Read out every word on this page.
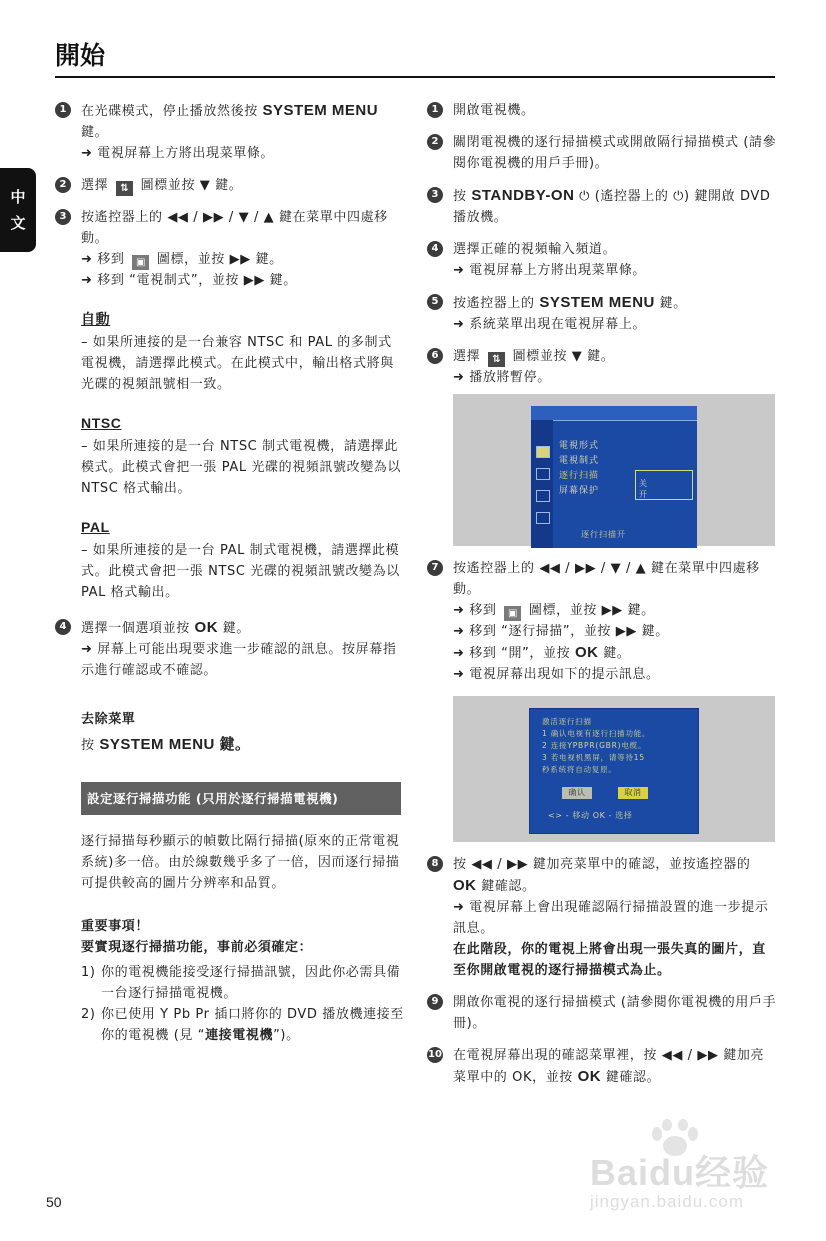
開始
中
文
1	在光碟模式，停止播放然後按 SYSTEM MENU 鍵。

➜ 電視屏幕上方將出現菜單條。

2	選擇 ⇅ 圖標並按 ▼ 鍵。

3	按遙控器上的 ◀◀ / ▶▶ / ▼ / ▲ 鍵在菜單中四處移動。

➜ 移到 ▣ 圖標，並按 ▶▶ 鍵。

➜ 移到 “電視制式”，並按 ▶▶ 鍵。

自動

– 如果所連接的是一台兼容 NTSC 和 PAL 的多制式電視機，請選擇此模式。在此模式中，輸出格式將與光碟的視頻訊號相一致。

NTSC

– 如果所連接的是一台 NTSC 制式電視機，請選擇此模式。此模式會把一張 PAL 光碟的視頻訊號改變為以 NTSC 格式輸出。

PAL

– 如果所連接的是一台 PAL 制式電視機，請選擇此模式。此模式會把一張 NTSC 光碟的視頻訊號改變為以 PAL 格式輸出。

4	選擇一個選項並按 OK 鍵。

➜ 屏幕上可能出現要求進一步確認的訊息。按屏幕指示進行確認或不確認。

去除菜單

按 SYSTEM MENU 鍵。

設定逐行掃描功能 (只用於逐行掃描電視機)

逐行掃描每秒顯示的幀數比隔行掃描(原來的正常電視系統)多一倍。由於線數幾乎多了一倍，因而逐行掃描可提供較高的圖片分辨率和品質。

重要事項！

要實現逐行掃描功能，事前必須確定：

1) 你的電視機能接受逐行掃描訊號，因此你必需具備一台逐行掃描電視機。
2) 你已使用 Y Pb Pr 插口將你的 DVD 播放機連接至你的電視機 (見 “連接電視機”)。
1	開啟電視機。

2	關閉電視機的逐行掃描模式或開啟隔行掃描模式 (請參閱你電視機的用戶手冊)。

3	按 STANDBY-ON ⏻ (遙控器上的 ⏻) 鍵開啟 DVD 播放機。

4	選擇正確的視頻輸入頻道。

➜ 電視屏幕上方將出現菜單條。

5	按遙控器上的 SYSTEM MENU 鍵。

➜ 系統菜單出現在電視屏幕上。

6	選擇 ⇅ 圖標並按 ▼ 鍵。

➜ 播放將暫停。

電視形式
電視制式
逐行扫描
屏幕保护
关
开
逐行扫描开
7	按遙控器上的 ◀◀ / ▶▶ / ▼ / ▲ 鍵在菜單中四處移動。

➜ 移到 ▣ 圖標，並按 ▶▶ 鍵。

➜ 移到 “逐行掃描”，並按 ▶▶ 鍵。

➜ 移到 “開”，並按 OK 鍵。

➜ 電視屏幕出現如下的提示訊息。

激活逐行扫描
1 确认电视有逐行扫描功能。
2 连接YPBPR(GBR)电缆。
3 若电视机黑屏，请等待15
秒系统将自动复原。
确认	取消
<> - 移动 OK - 选择
8	按 ◀◀ / ▶▶ 鍵加亮菜單中的確認，並按遙控器的 OK 鍵確認。

➜ 電視屏幕上會出現確認隔行掃描設置的進一步提示訊息。

在此階段，你的電視上將會出現一張失真的圖片，直至你開啟電視的逐行掃描模式為止。

9	開啟你電視的逐行掃描模式 (請參閱你電視機的用戶手冊)。

10 在電視屏幕出現的確認菜單裡，按 ◀◀ / ▶▶ 鍵加亮菜單中的 OK，並按 OK 鍵確認。

50
Baidu经验
jingyan.baidu.com
